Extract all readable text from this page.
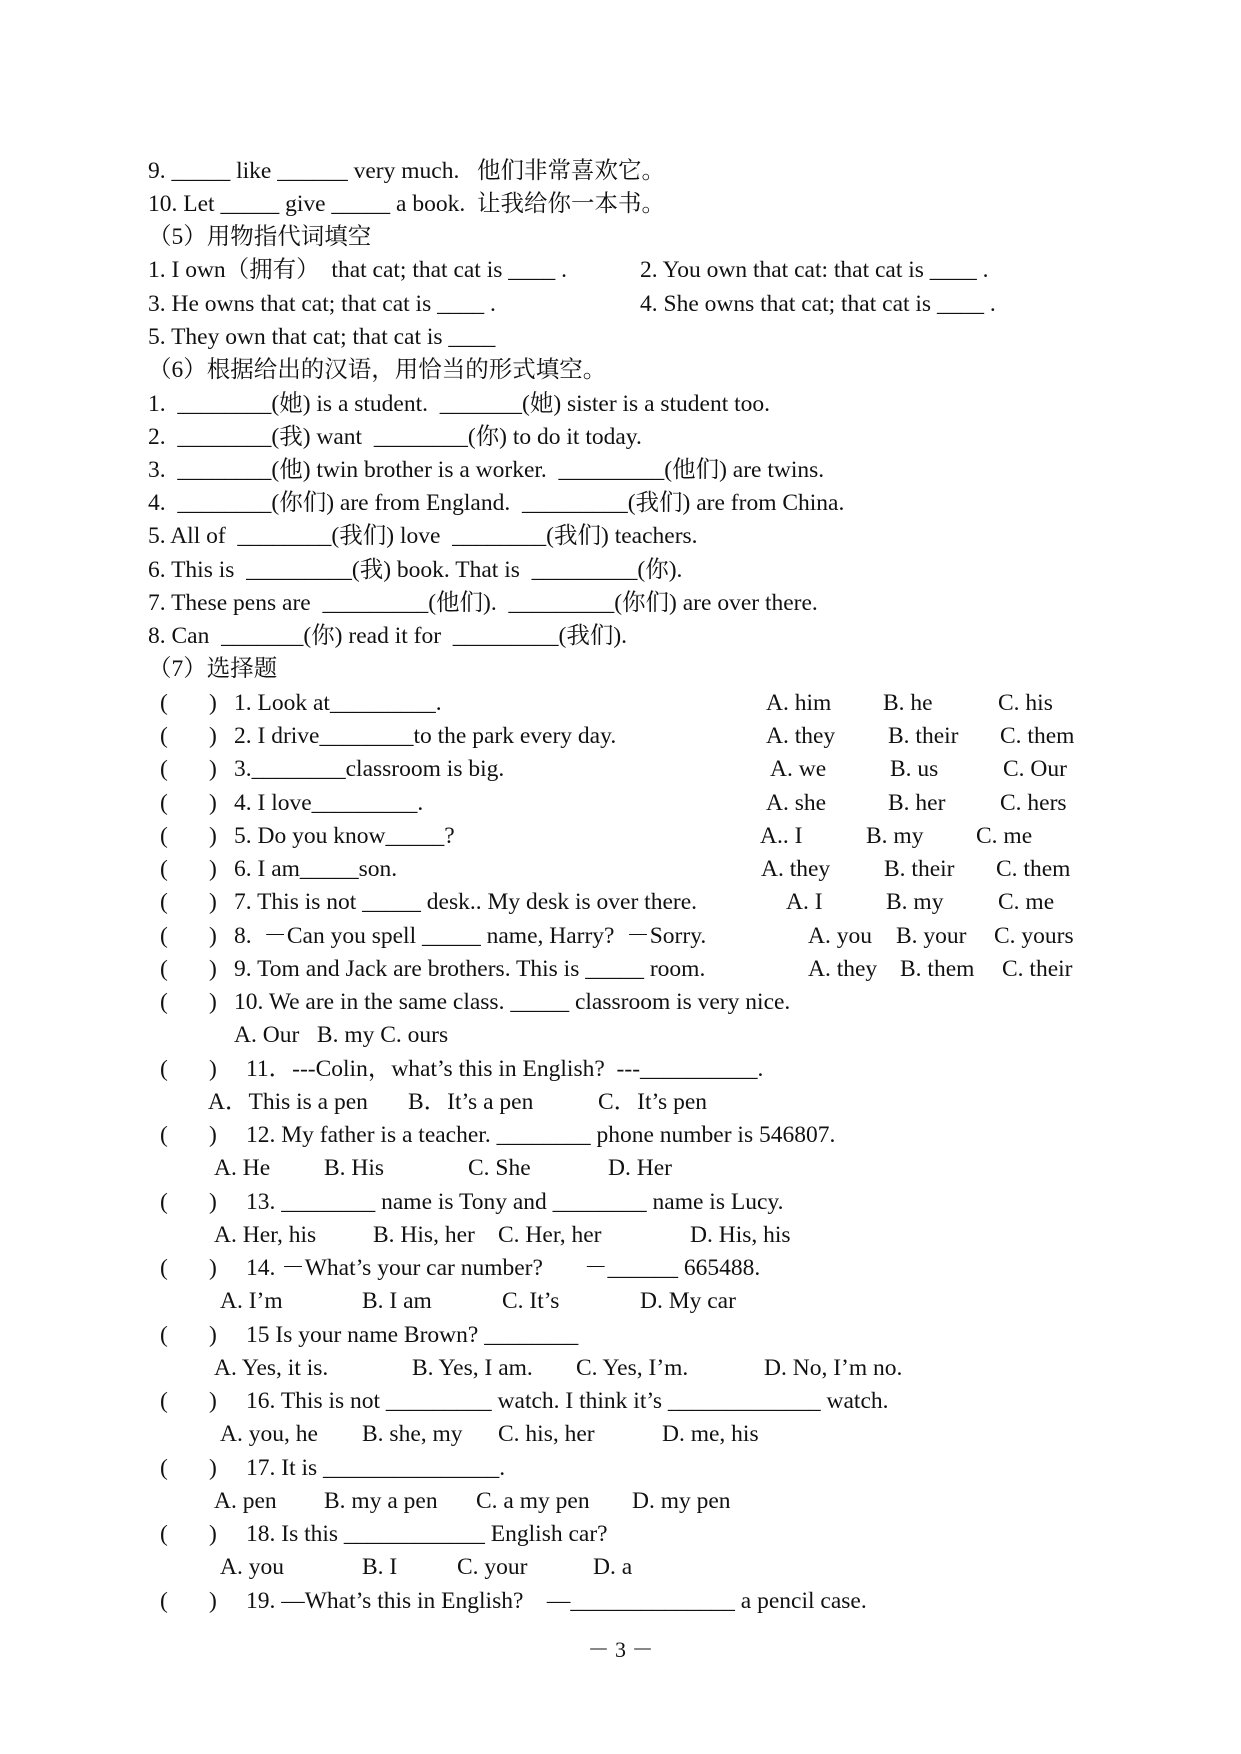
9. _____ like ______ very much.   他们非常喜欢它。
10. Let _____ give _____ a book.  让我给你一本书。
（5）用物指代词填空
1. I own（拥有）  that cat; that cat is ____ .	2. You own that cat: that cat is ____ .
3. He owns that cat; that cat is ____ .	4. She owns that cat; that cat is ____ .
5. They own that cat; that cat is ____
（6）根据给出的汉语，用恰当的形式填空。
1.  ________(她) is a student.  _______(她) sister is a student too.
2.  ________(我) want  ________(你) to do it today.
3.  ________(他) twin brother is a worker.  _________(他们) are twins.
4.  ________(你们) are from England.  _________(我们) are from China.
5. All of  ________(我们) love  ________(我们) teachers.
6. This is  _________(我) book. That is  _________(你).
7. These pens are  _________(他们).  _________(你们) are over there.
8. Can  _______(你) read it for  _________(我们).
（7）选择题
(       ) 1. Look at_________.	A. him B. he	C. his
(       ) 2. I drive________to the park every day.	A. they B. their C. them
(       ) 3.________classroom is big.	A. we	B. us	C. Our
(       ) 4. I love_________.	A. she	B. her C. hers
(       ) 5. Do you know_____?	A.. I	B. my C. me
(       ) 6. I am_____son.	A. they B. their C. them
(       ) 7. This is not _____ desk.. My desk is over there.	A. I	B. my C. me
(       ) 8.  －Can you spell _____ name, Harry?  －Sorry.	A. you B. your C. yours
(       ) 9. Tom and Jack are brothers. This is _____ room.	A. they B. them C. their
(       ) 10. We are in the same class. _____ classroom is very nice.
A. Our   B. my C. ours
(       ) 11．---Colin，what’s this in English?  ---__________.
A．This is a pen B．It’s a pen	C．It’s pen
(       ) 12. My father is a teacher. ________ phone number is 546807.
A. He B. His	C. She	D. Her
(       ) 13. ________ name is Tony and ________ name is Lucy.
A. Her, his B. His, her C. Her, her	D. His, his
(       ) 14. －What’s your car number?       －______ 665488.
A. I’m	B. I am	C. It’s	D. My car
(       ) 15 Is your name Brown? ________
A. Yes, it is.	B. Yes, I am. C. Yes, I’m.	D. No, I’m no.
(       ) 16. This is not _________ watch. I think it’s _____________ watch.
A. you, he B. she, my C. his, her	D. me, his
(       ) 17. It is _______________.
A. pen B. my a pen C. a my pen D. my pen
(       ) 18. Is this ____________ English car?
A. you	B. I	C. your	D. a
(       ) 19. —What’s this in English?    —______________ a pencil case.
－ 3 －
